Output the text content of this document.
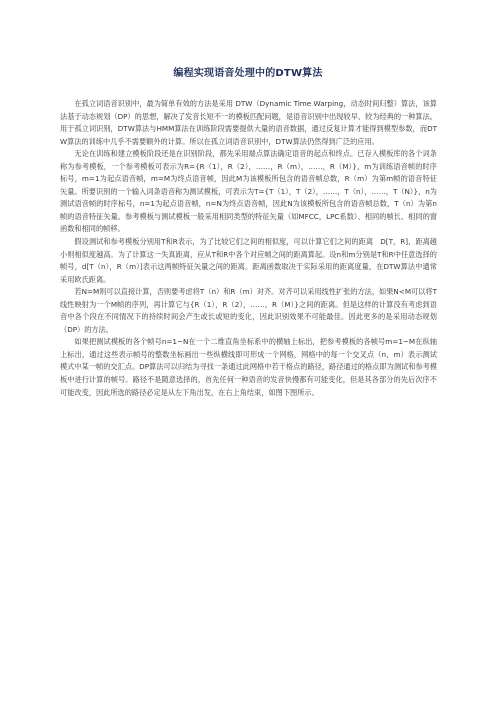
编程实现语音处理中的DTW算法

在孤立词语音识别中，最为简单有效的方法是采用 DTW（Dynamic Time Warping，动态时间归整）算法，该算法基于动态规划（DP）的思想，解决了发音长短不一的模板匹配问题，是语音识别中出现较早、较为经典的一种算法。用于孤立词识别，DTW算法与HMM算法在训练阶段需要提供大量的语音数据，通过反复计算才能得到模型参数，而DTW算法的训练中几乎不需要额外的计算。所以在孤立词语音识别中，DTW算法仍然得到广泛的应用。

无论在训练和建立模板阶段还是在识别阶段，都先采用端点算法确定语音的起点和终点。已存入模板库的各个词条称为参考模板，一个参考模板可表示为R={R（1），R（2），……，R（m），……，R（M）}，m为训练语音帧的时序标号，m=1为起点语音帧，m=M为终点语音帧，因此M为该模板所包含的语音帧总数，R（m）为第m帧的语音特征矢量。所要识别的一个输入词条语音称为测试模板，可表示为T={T（1），T（2），……，T（n），……，T（N）}，n为测试语音帧的时序标号，n=1为起点语音帧，n=N为终点语音帧，因此N为该模板所包含的语音帧总数，T（n）为第n帧的语音特征矢量。参考模板与测试模板一般采用相同类型的特征矢量（如MFCC，LPC系数）、相同的帧长、相同的窗函数和相同的帧移。

假设测试和参考模板分别用T和R表示，为了比较它们之间的相似度，可以计算它们之间的距离　D[T，R]，距离越小则相似度越高。为了计算这一失真距离，应从T和R中各个对应帧之间的距离算起。设n和m分别是T和R中任意选择的帧号，d[T（n），R（m）]表示这两帧特征矢量之间的距离。距离函数取决于实际采用的距离度量，在DTW算法中通常采用欧氏距离。

若N=M则可以直接计算，否则要考虑将T（n）和R（m）对齐。对齐可以采用线性扩张的方法，如果N<M可以将T线性映射为一个M帧的序列，再计算它与{R（1），R（2），……，R（M）}之间的距离。但是这样的计算没有考虑到语音中各个段在不同情况下的持续时间会产生或长或短的变化，因此识别效果不可能最佳。因此更多的是采用动态规划（DP）的方法。

如果把测试模板的各个帧号n=1~N在一个二维直角坐标系中的横轴上标出，把参考模板的各帧号m=1~M在纵轴上标出，通过这些表示帧号的整数坐标画出一些纵横线即可形成一个网格，网格中的每一个交叉点（n，m）表示测试模式中某一帧的交汇点。DP算法可以归结为寻找一条通过此网格中若干格点的路径，路径通过的格点即为测试和参考模板中进行计算的帧号。路径不是随意选择的，首先任何一种语音的发音快慢都有可能变化，但是其各部分的先后次序不可能改变，因此所选的路径必定是从左下角出发，在右上角结束，如图下图所示。
